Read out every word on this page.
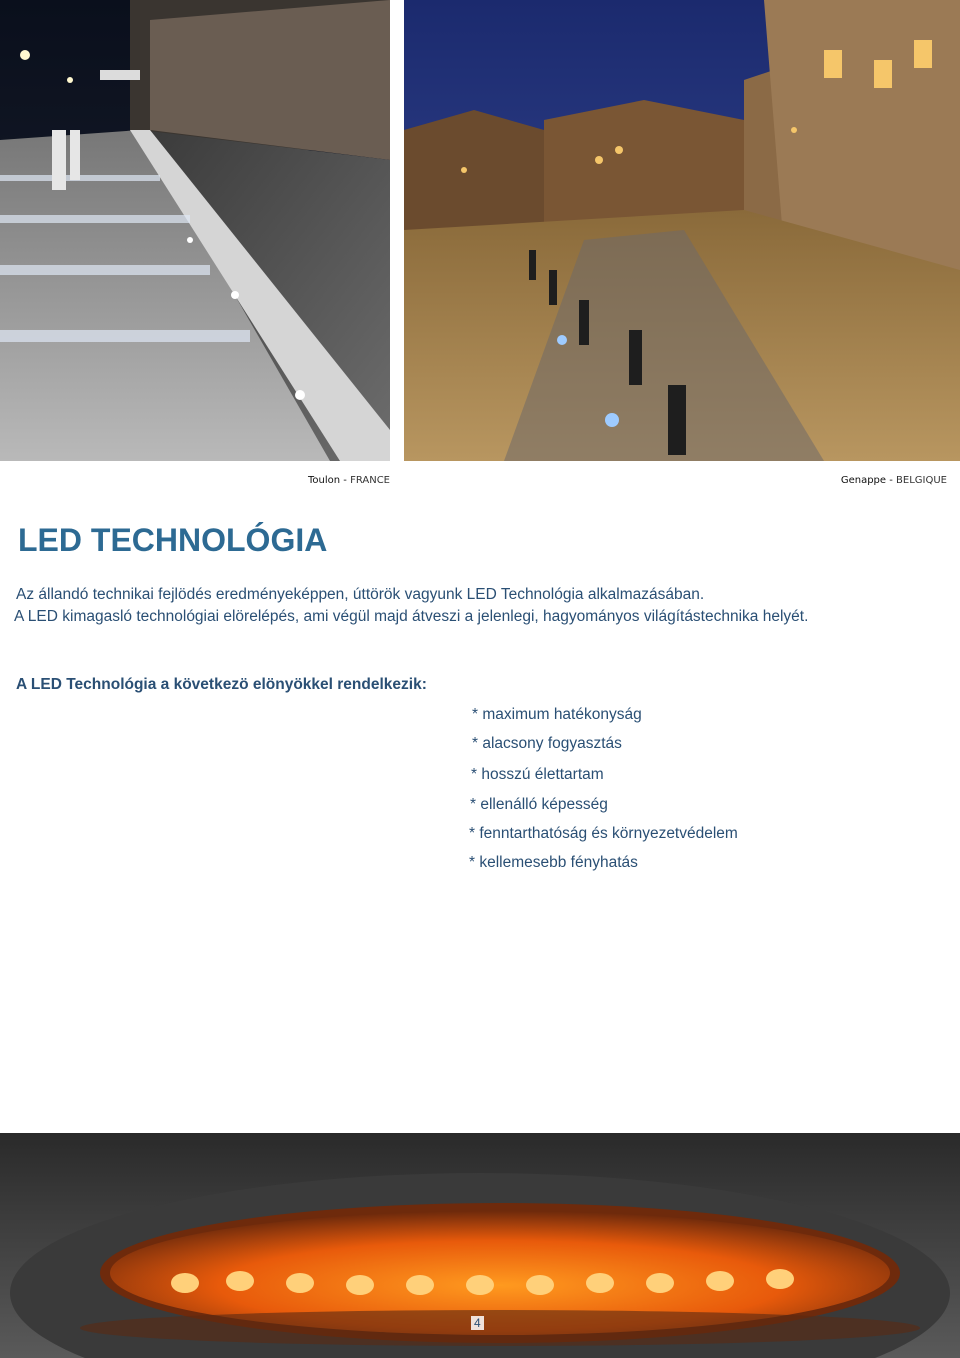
Toulon - FRANCE	Genappe - BELGIQUE
LED TECHNOLÓGIA
Az állandó technikai fejlödés eredményeképpen, úttörök vagyunk LED Technológia alkalmazásában.
A LED kimagasló technológiai elörelépés, ami végül majd átveszi a jelenlegi, hagyományos világítástechnika helyét.
A LED Technológia a következö elönyökkel rendelkezik:
* maximum hatékonyság
* alacsony fogyasztás
* hosszú élettartam
* ellenálló képesség
* fenntarthatóság és környezetvédelem
* kellemesebb fényhatás
4
